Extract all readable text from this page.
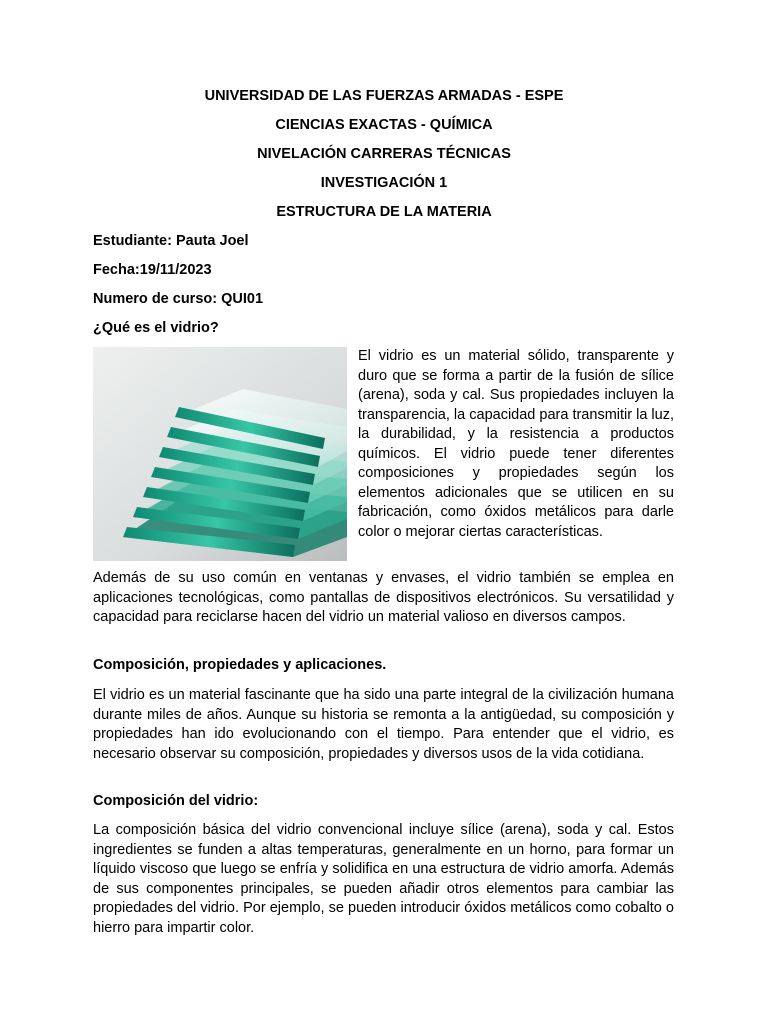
UNIVERSIDAD DE LAS FUERZAS ARMADAS - ESPE
CIENCIAS EXACTAS - QUÍMICA
NIVELACIÓN CARRERAS TÉCNICAS
INVESTIGACIÓN 1
ESTRUCTURA DE LA MATERIA
Estudiante: Pauta Joel
Fecha:19/11/2023
Numero de curso: QUI01
¿Qué es el vidrio?
El vidrio es un material sólido, transparente y duro que se forma a partir de la fusión de sílice (arena), soda y cal. Sus propiedades incluyen la transparencia, la capacidad para transmitir la luz, la durabilidad, y la resistencia a productos químicos. El vidrio puede tener diferentes composiciones y propiedades según los elementos adicionales que se utilicen en su fabricación, como óxidos metálicos para darle color o mejorar ciertas características.
Además de su uso común en ventanas y envases, el vidrio también se emplea en aplicaciones tecnológicas, como pantallas de dispositivos electrónicos. Su versatilidad y capacidad para reciclarse hacen del vidrio un material valioso en diversos campos.
Composición, propiedades y aplicaciones.
El vidrio es un material fascinante que ha sido una parte integral de la civilización humana durante miles de años. Aunque su historia se remonta a la antigüedad, su composición y propiedades han ido evolucionando con el tiempo. Para entender que el vidrio, es necesario observar su composición, propiedades y diversos usos de la vida cotidiana.
Composición del vidrio:
La composición básica del vidrio convencional incluye sílice (arena), soda y cal. Estos ingredientes se funden a altas temperaturas, generalmente en un horno, para formar un líquido viscoso que luego se enfría y solidifica en una estructura de vidrio amorfa. Además de sus componentes principales, se pueden añadir otros elementos para cambiar las propiedades del vidrio. Por ejemplo, se pueden introducir óxidos metálicos como cobalto o hierro para impartir color.
